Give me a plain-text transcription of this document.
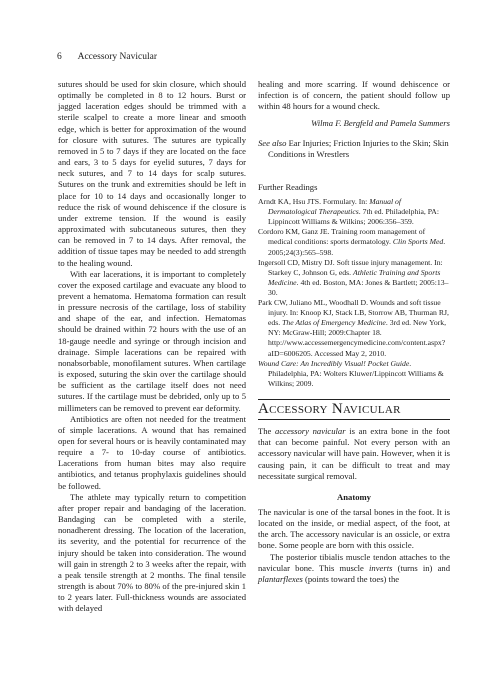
6 Accessory Navicular

sutures should be used for skin closure, which should optimally be completed in 8 to 12 hours. Burst or jagged laceration edges should be trimmed with a sterile scalpel to create a more linear and smooth edge, which is better for approximation of the wound for closure with sutures. The sutures are typically removed in 5 to 7 days if they are located on the face and ears, 3 to 5 days for eyelid sutures, 7 days for neck sutures, and 7 to 14 days for scalp sutures. Sutures on the trunk and extremities should be left in place for 10 to 14 days and occasionally longer to reduce the risk of wound dehiscence if the closure is under extreme tension. If the wound is easily approximated with subcutaneous sutures, then they can be removed in 7 to 14 days. After removal, the addition of tissue tapes may be needed to add strength to the healing wound.

With ear lacerations, it is important to completely cover the exposed cartilage and evacuate any blood to prevent a hematoma. Hematoma formation can result in pressure necrosis of the cartilage, loss of stability and shape of the ear, and infection. Hematomas should be drained within 72 hours with the use of an 18-gauge needle and syringe or through incision and drainage. Simple lacerations can be repaired with nonabsorbable, monofilament sutures. When cartilage is exposed, suturing the skin over the cartilage should be sufficient as the cartilage itself does not need sutures. If the cartilage must be debrided, only up to 5 millimeters can be removed to prevent ear deformity.

Antibiotics are often not needed for the treatment of simple lacerations. A wound that has remained open for several hours or is heavily contaminated may require a 7- to 10-day course of antibiotics. Lacerations from human bites may also require antibiotics, and tetanus prophylaxis guidelines should be followed.

The athlete may typically return to competition after proper repair and bandaging of the laceration. Bandaging can be completed with a sterile, nonadherent dressing. The location of the laceration, its severity, and the potential for recurrence of the injury should be taken into consideration. The wound will gain in strength 2 to 3 weeks after the repair, with a peak tensile strength at 2 months. The final tensile strength is about 70% to 80% of the pre-injured skin 1 to 2 years later. Full-thickness wounds are associated with delayed

healing and more scarring. If wound dehiscence or infection is of concern, the patient should follow up within 48 hours for a wound check.

Wilma F. Bergfeld and Pamela Summers

See also Ear Injuries; Friction Injuries to the Skin; Skin Conditions in Wrestlers

Further Readings

Arndt KA, Hsu JTS. Formulary. In: Manual of Dermatological Therapeutics. 7th ed. Philadelphia, PA: Lippincott Williams & Wilkins; 2006:356–359.

Cordoro KM, Ganz JE. Training room management of medical conditions: sports dermatology. Clin Sports Med. 2005;24(3):565–598.

Ingersoll CD, Mistry DJ. Soft tissue injury management. In: Starkey C, Johnson G, eds. Athletic Training and Sports Medicine. 4th ed. Boston, MA: Jones & Bartlett; 2005:13–30.

Park CW, Juliano ML, Woodhall D. Wounds and soft tissue injury. In: Knoop KJ, Stack LB, Storrow AB, Thurman RJ, eds. The Atlas of Emergency Medicine. 3rd ed. New York, NY: McGraw-Hill; 2009:Chapter 18. http://www.accessemergencymedicine.com/content.aspx?aID=6006205. Accessed May 2, 2010.

Wound Care: An Incredibly Visual! Pocket Guide. Philadelphia, PA: Wolters Kluwer/Lippincott Williams & Wilkins; 2009.

Accessory Navicular

The accessory navicular is an extra bone in the foot that can become painful. Not every person with an accessory navicular will have pain. However, when it is causing pain, it can be difficult to treat and may necessitate surgical removal.

Anatomy

The navicular is one of the tarsal bones in the foot. It is located on the inside, or medial aspect, of the foot, at the arch. The accessory navicular is an ossicle, or extra bone. Some people are born with this ossicle.

The posterior tibialis muscle tendon attaches to the navicular bone. This muscle inverts (turns in) and plantarflexes (points toward the toes) the
